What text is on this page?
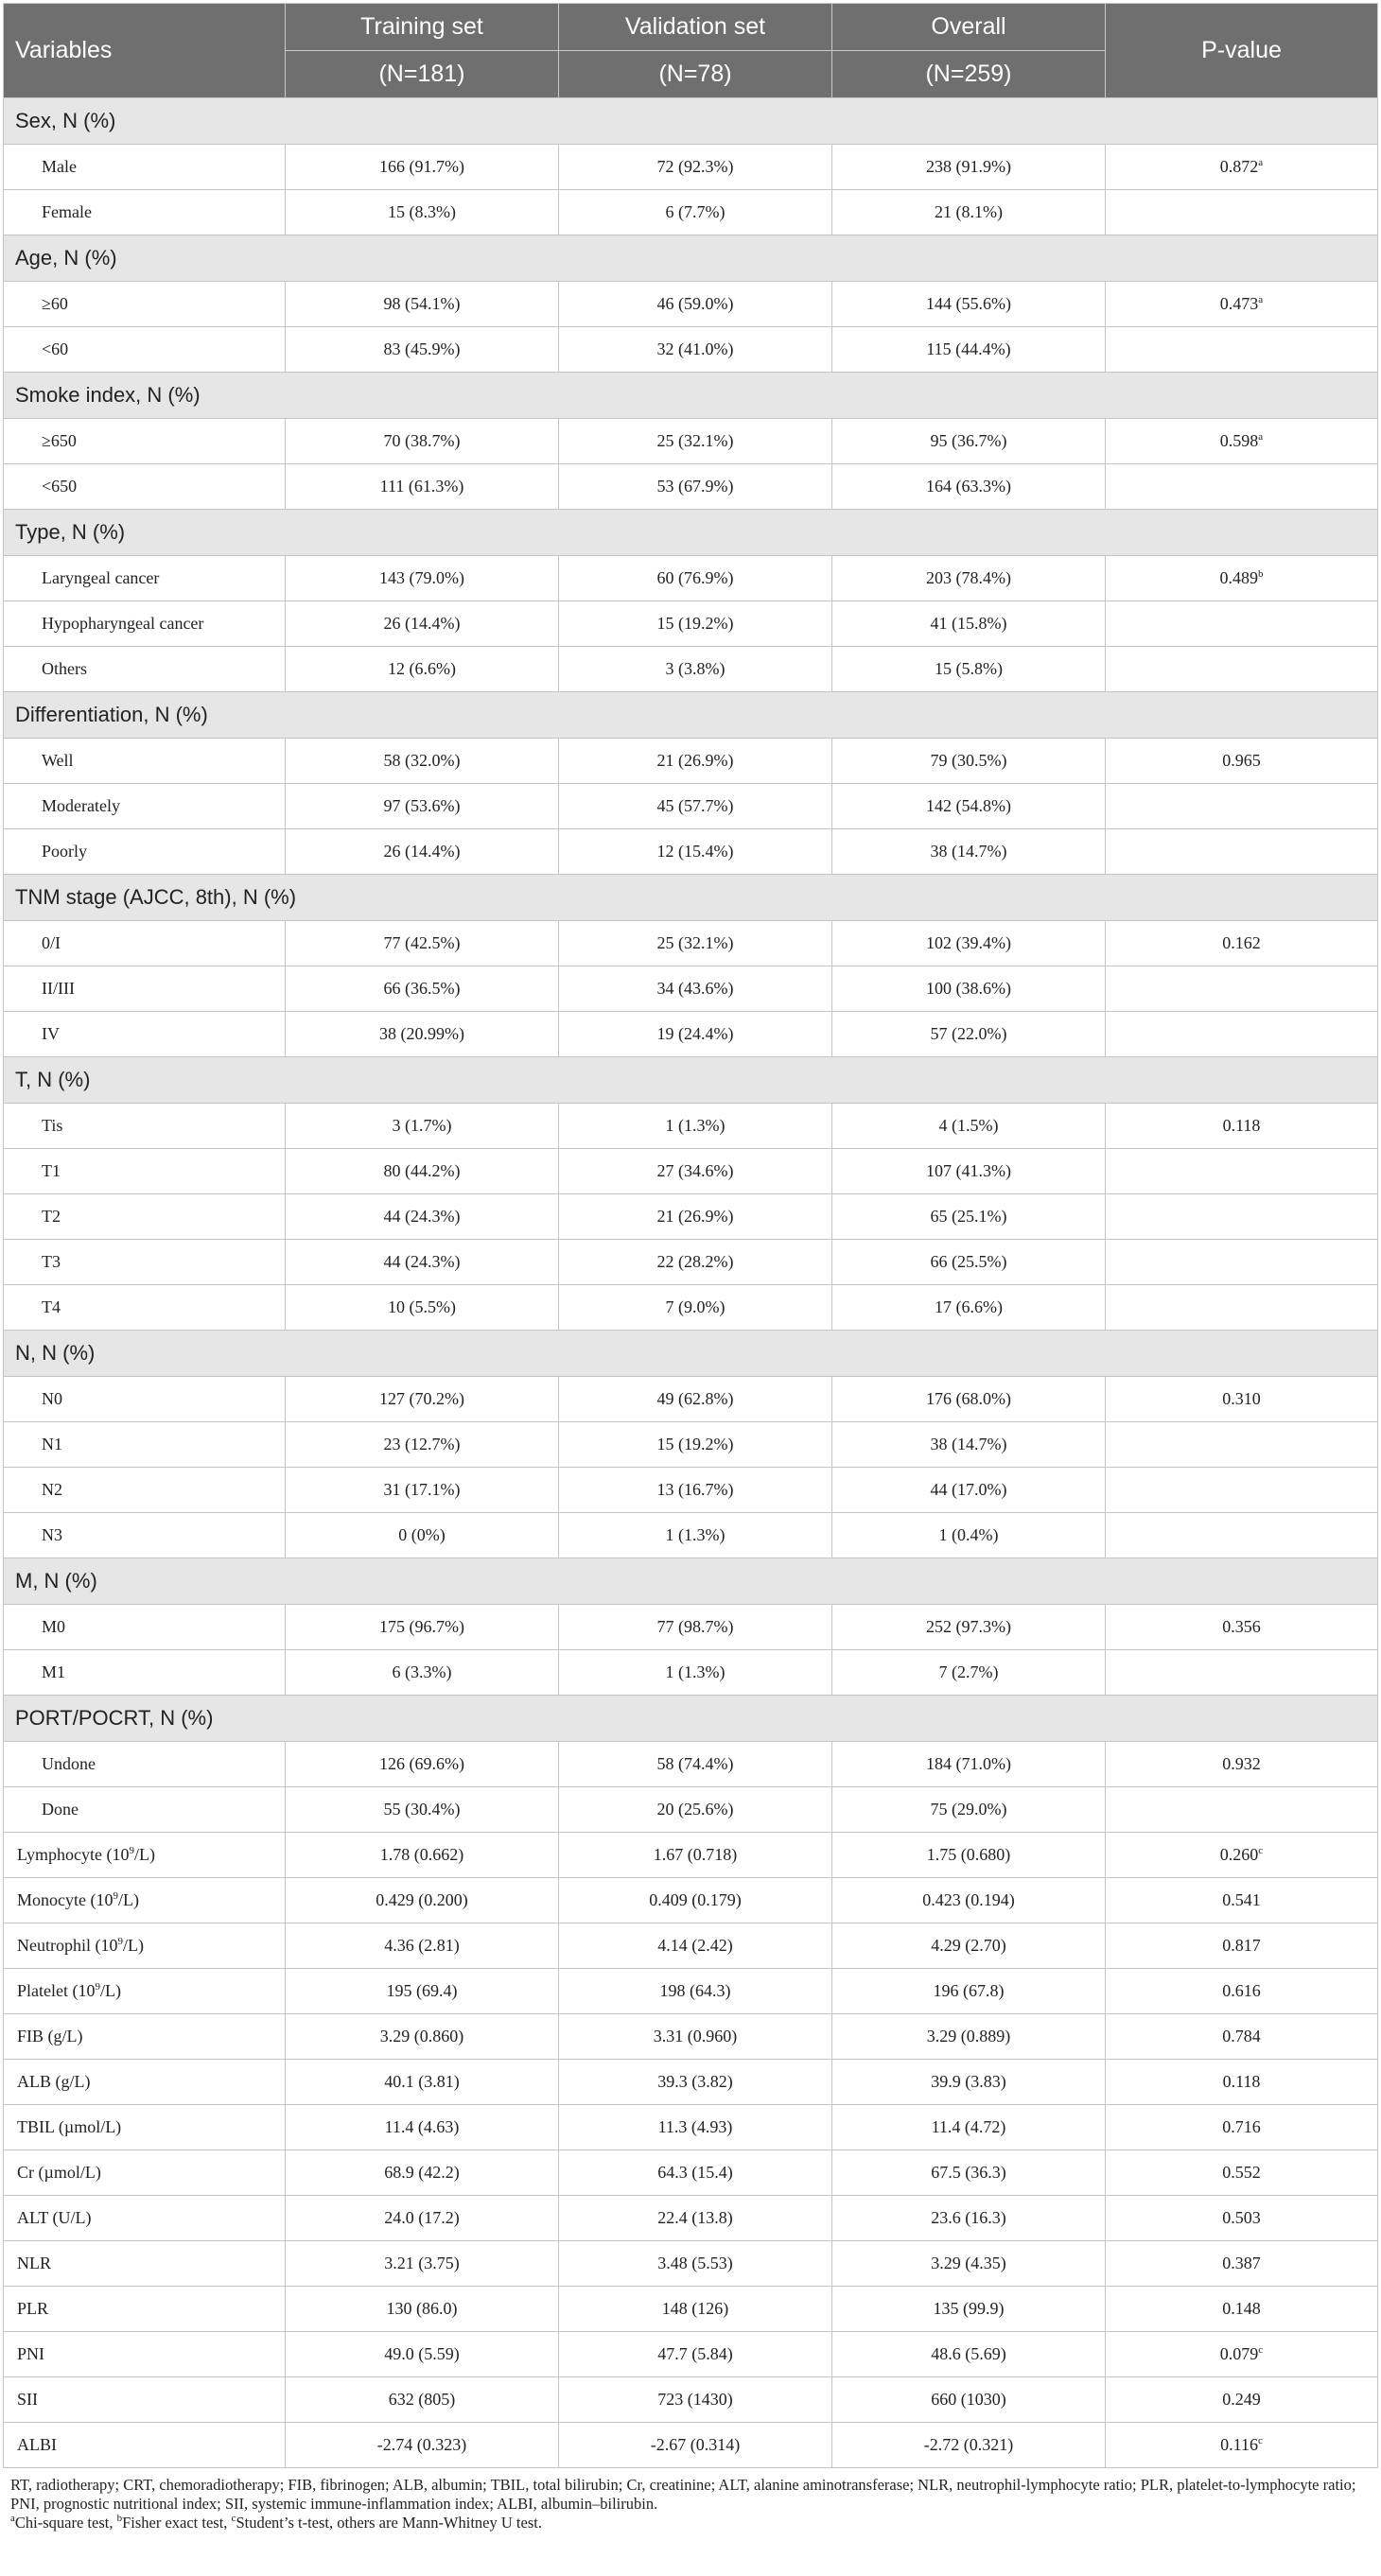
Variables	Training set	Validation set	Overall	P-value
	(N=181)	(N=78)	(N=259)	
Sex, N (%)				
Male	166 (91.7%)	72 (92.3%)	238 (91.9%)	0.872$^a$
Female	15 (8.3%)	6 (7.7%)	21 (8.1%)	
Age, N (%)				
≥60	98 (54.1%)	46 (59.0%)	144 (55.6%)	0.473$^a$
<60	83 (45.9%)	32 (41.0%)	115 (44.4%)	
Smoke index, N (%)				
≥650	70 (38.7%)	25 (32.1%)	95 (36.7%)	0.598$^a$
<650	111 (61.3%)	53 (67.9%)	164 (63.3%)	
Type, N (%)				
Laryngeal cancer	143 (79.0%)	60 (76.9%)	203 (78.4%)	0.489$^b$
Hypopharyngeal cancer	26 (14.4%)	15 (19.2%)	41 (15.8%)	
Others	12 (6.6%)	3 (3.8%)	15 (5.8%)	
Differentiation, N (%)				
Well	58 (32.0%)	21 (26.9%)	79 (30.5%)	0.965
Moderately	97 (53.6%)	45 (57.7%)	142 (54.8%)	
Poorly	26 (14.4%)	12 (15.4%)	38 (14.7%)	
TNM stage (AJCC, 8th), N (%)				
0/I	77 (42.5%)	25 (32.1%)	102 (39.4%)	0.162
II/III	66 (36.5%)	34 (43.6%)	100 (38.6%)	
IV	38 (20.99%)	19 (24.4%)	57 (22.0%)	
T, N (%)				
Tis	3 (1.7%)	1 (1.3%)	4 (1.5%)	0.118
T1	80 (44.2%)	27 (34.6%)	107 (41.3%)	
T2	44 (24.3%)	21 (26.9%)	65 (25.1%)	
T3	44 (24.3%)	22 (28.2%)	66 (25.5%)	
T4	10 (5.5%)	7 (9.0%)	17 (6.6%)	
N, N (%)				
N0	127 (70.2%)	49 (62.8%)	176 (68.0%)	0.310
N1	23 (12.7%)	15 (19.2%)	38 (14.7%)	
N2	31 (17.1%)	13 (16.7%)	44 (17.0%)	
N3	0 (0%)	1 (1.3%)	1 (0.4%)	
M, N (%)				
M0	175 (96.7%)	77 (98.7%)	252 (97.3%)	0.356
M1	6 (3.3%)	1 (1.3%)	7 (2.7%)	
PORT/POCRT, N (%)				
Undone	126 (69.6%)	58 (74.4%)	184 (71.0%)	0.932
Done	55 (30.4%)	20 (25.6%)	75 (29.0%)	
Lymphocyte $(10^9/L)$	1.78 (0.662)	1.67 (0.718)	1.75 (0.680)	0.260$^c$
Monocyte $(10^9/L)$	0.429 (0.200)	0.409 (0.179)	0.423 (0.194)	0.541
Neutrophil $(10^9/L)$	4.36 (2.81)	4.14 (2.42)	4.29 (2.70)	0.817
Platelet $(10^9/L)$	195 (69.4)	198 (64.3)	196 (67.8)	0.616
FIB (g/L)	3.29 (0.860)	3.31 (0.960)	3.29 (0.889)	0.784
ALB (g/L)	40.1 (3.81)	39.3 (3.82)	39.9 (3.83)	0.118
TBIL (µmol/L)	11.4 (4.63)	11.3 (4.93)	11.4 (4.72)	0.716
Cr (µmol/L)	68.9 (42.2)	64.3 (15.4)	67.5 (36.3)	0.552
ALT (U/L)	24.0 (17.2)	22.4 (13.8)	23.6 (16.3)	0.503
NLR	3.21 (3.75)	3.48 (5.53)	3.29 (4.35)	0.387
PLR	130 (86.0)	148 (126)	135 (99.9)	0.148
PNI	49.0 (5.59)	47.7 (5.84)	48.6 (5.69)	0.079$^c$
SII	632 (805)	723 (1430)	660 (1030)	0.249
ALBI	-2.74 (0.323)	-2.67 (0.314)	-2.72 (0.321)	0.116$^c$
RT, radiotherapy; CRT, chemoradiotherapy; FIB, fibrinogen; ALB, albumin; TBIL, total bilirubin; Cr, creatinine; ALT, alanine aminotransferase; NLR, neutrophil-lymphocyte ratio; PLR, platelet-to-lymphocyte ratio; PNI, prognostic nutritional index; SII, systemic immune-inflammation index; ALBI, albumin–bilirubin.
$^a$Chi-square test, $^b$Fisher exact test, $^c$Student’s t-test, others are Mann-Whitney U test.
